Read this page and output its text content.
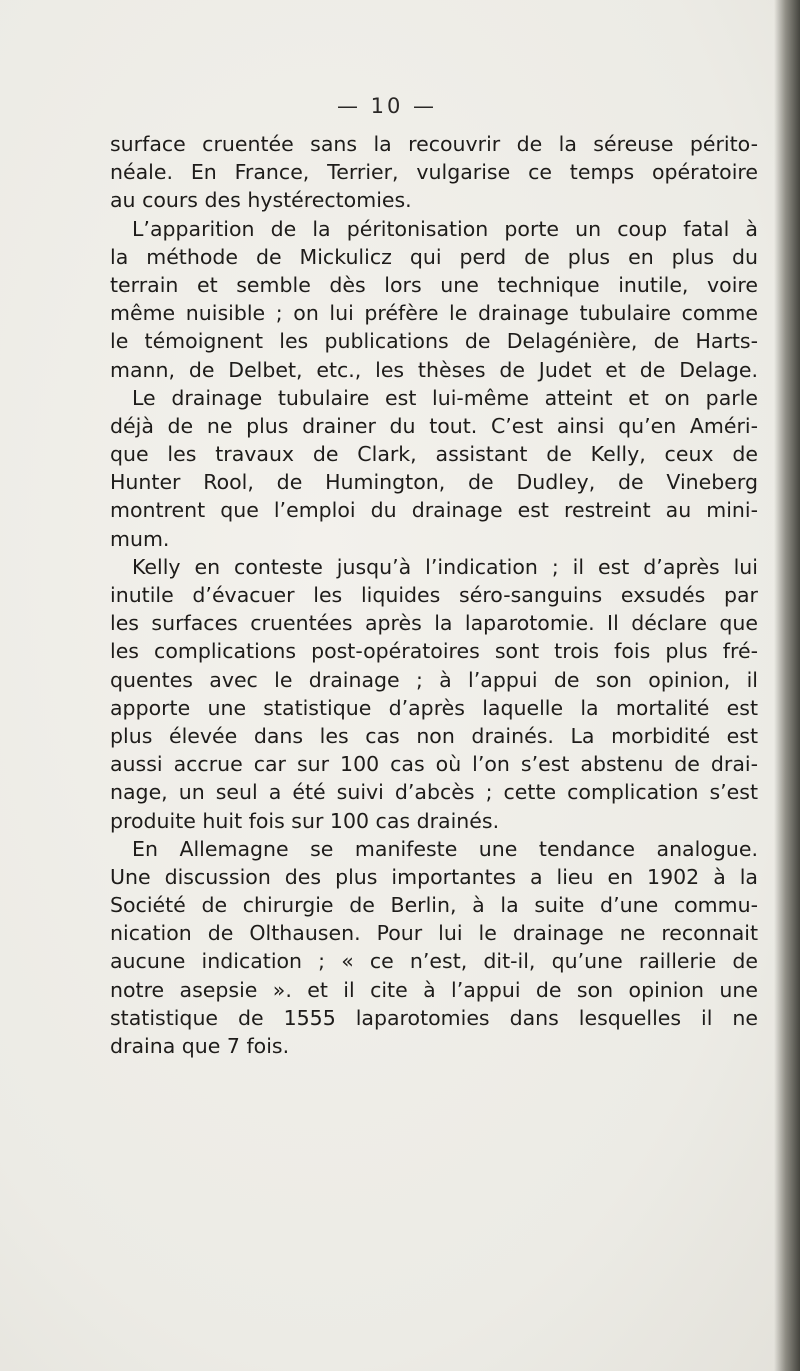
— 10 —
surface cruentée sans la recouvrir de la séreuse périto-
néale. En France, Terrier, vulgarise ce temps opératoire
au cours des hystérectomies.
L’apparition de la péritonisation porte un coup fatal à
la méthode de Mickulicz qui perd de plus en plus du
terrain et semble dès lors une technique inutile, voire
même nuisible ; on lui préfère le drainage tubulaire comme
le témoignent les publications de Delagénière, de Harts-
mann, de Delbet, etc., les thèses de Judet et de Delage.
Le drainage tubulaire est lui-même atteint et on parle
déjà de ne plus drainer du tout. C’est ainsi qu’en Améri-
que les travaux de Clark, assistant de Kelly, ceux de
Hunter Rool, de Humington, de Dudley, de Vineberg
montrent que l’emploi du drainage est restreint au mini-
mum.
Kelly en conteste jusqu’à l’indication ; il est d’après lui
inutile d’évacuer les liquides séro-sanguins exsudés par
les surfaces cruentées après la laparotomie. Il déclare que
les complications post-opératoires sont trois fois plus fré-
quentes avec le drainage ; à l’appui de son opinion, il
apporte une statistique d’après laquelle la mortalité est
plus élevée dans les cas non drainés. La morbidité est
aussi accrue car sur 100 cas où l’on s’est abstenu de drai-
nage, un seul a été suivi d’abcès ; cette complication s’est
produite huit fois sur 100 cas drainés.
En Allemagne se manifeste une tendance analogue.
Une discussion des plus importantes a lieu en 1902 à la
Société de chirurgie de Berlin, à la suite d’une commu-
nication de Olthausen. Pour lui le drainage ne reconnait
aucune indication ; « ce n’est, dit-il, qu’une raillerie de
notre asepsie ». et il cite à l’appui de son opinion une
statistique de 1555 laparotomies dans lesquelles il ne
draina que 7 fois.
